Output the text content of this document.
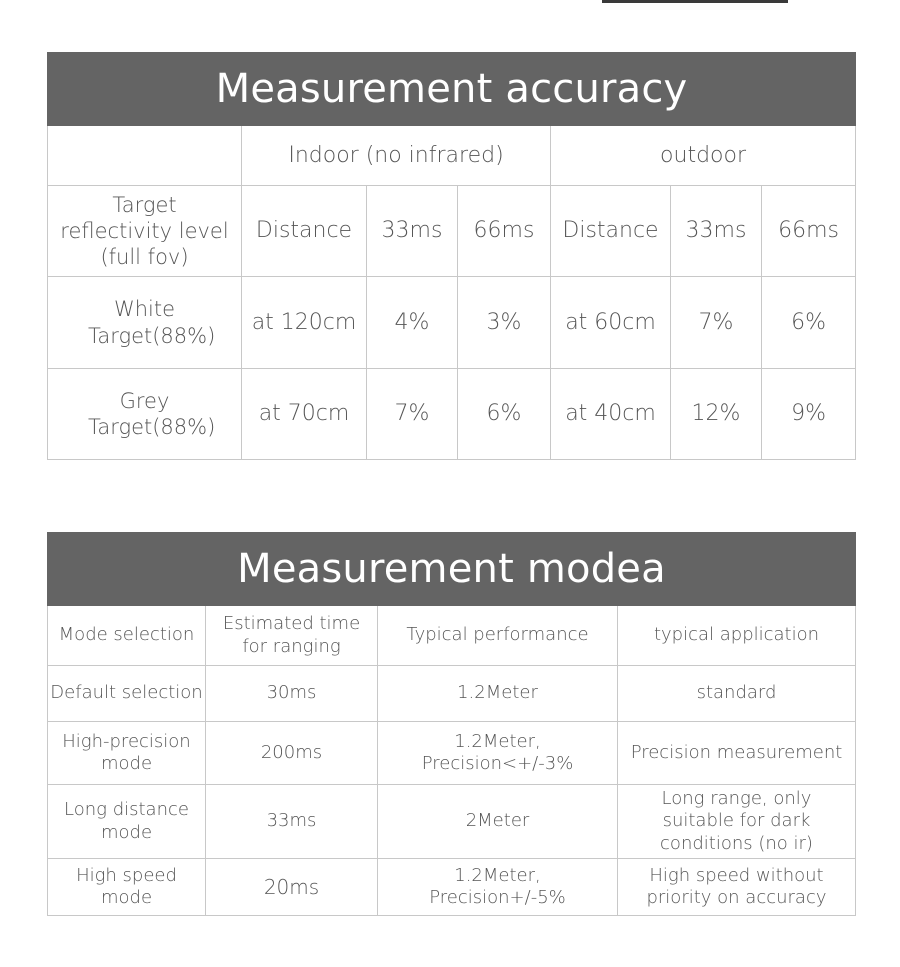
Measurement accuracy						
	Indoor (no infrared)			outdoor		
Target reflectivity level (full fov)	Distance	33ms	66ms	Distance	33ms	66ms
White Target(88%)	at 120cm	4%	3%	at 60cm	7%	6%
Grey Target(88%)	at 70cm	7%	6%	at 40cm	12%	9%
Measurement modea			
Mode selection	Estimated time for ranging	Typical performance	typical application
Default selection	30ms	1.2Meter	standard
High-precision mode	200ms	1.2Meter, Precision<+/-3%	Precision measurement
Long distance mode	33ms	2Meter	Long range, only suitable for dark conditions (no ir)
High speed mode	20ms	1.2Meter, Precision+/-5%	High speed without priority on accuracy
